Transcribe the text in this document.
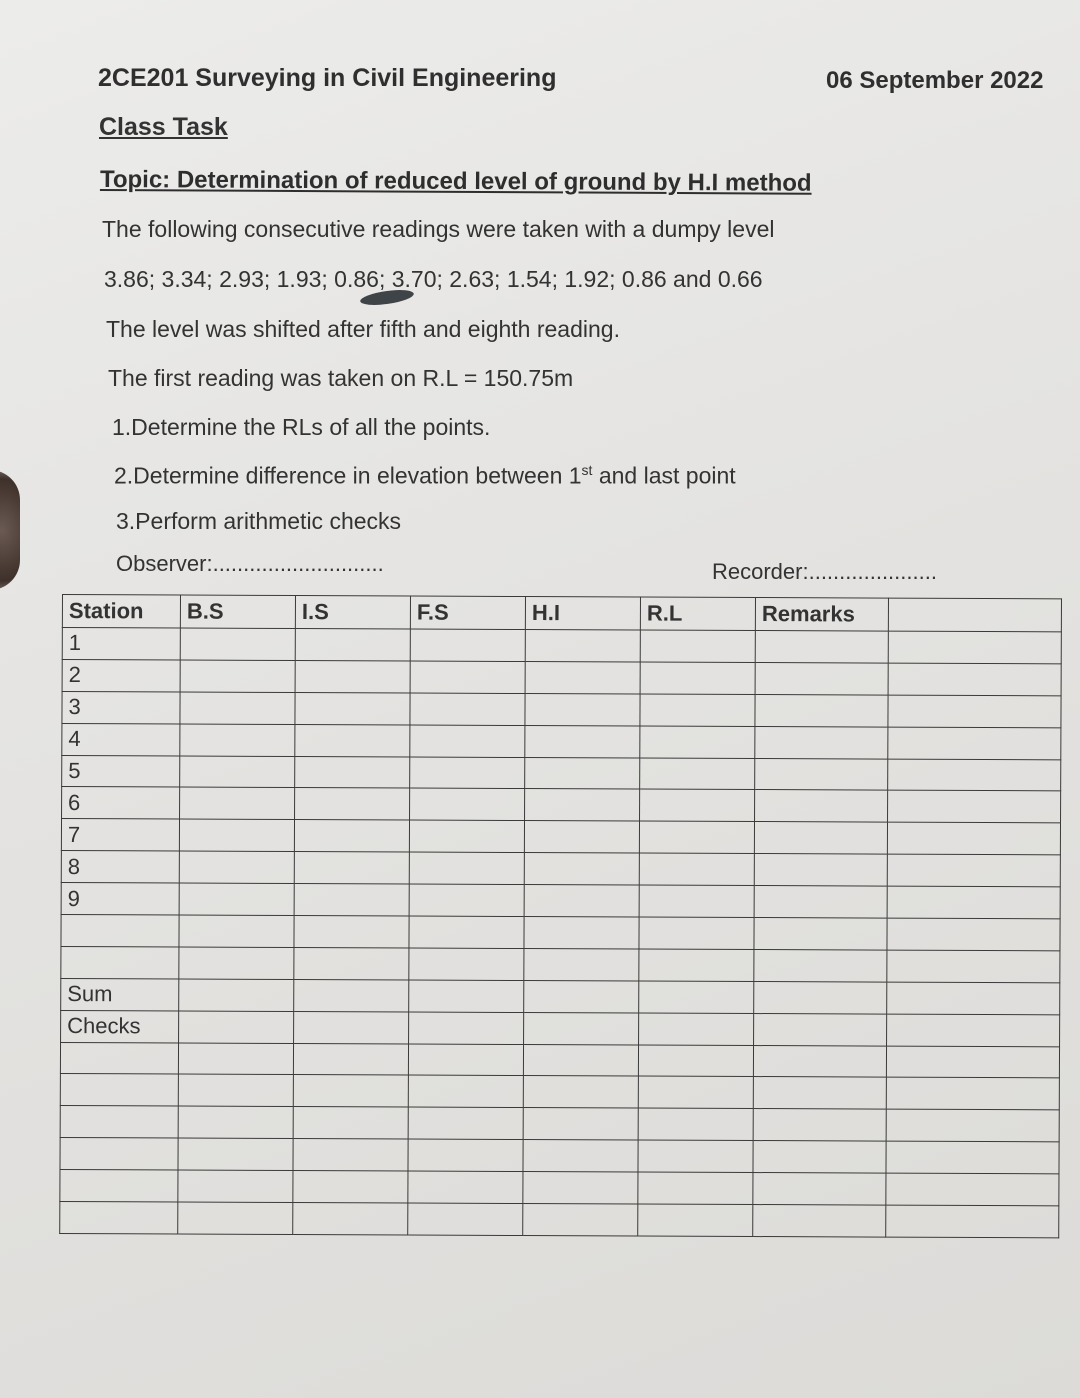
2CE201 Surveying in Civil Engineering	06 September 2022
Class Task
Topic: Determination of reduced level of ground by H.I method
The following consecutive readings were taken with a dumpy level
3.86; 3.34; 2.93; 1.93; 0.86; 3.70; 2.63; 1.54; 1.92; 0.86 and 0.66
The level was shifted after fifth and eighth reading.
The first reading was taken on R.L = 150.75m
1.Determine the RLs of all the points.
2.Determine difference in elevation between 1st and last point
3.Perform arithmetic checks
Observer:............................	Recorder:.....................
Station	B.S	I.S	F.S	H.I	R.L	Remarks	
1							
2							
3							
4							
5							
6							
7							
8							
9							

Sum							
Checks							
